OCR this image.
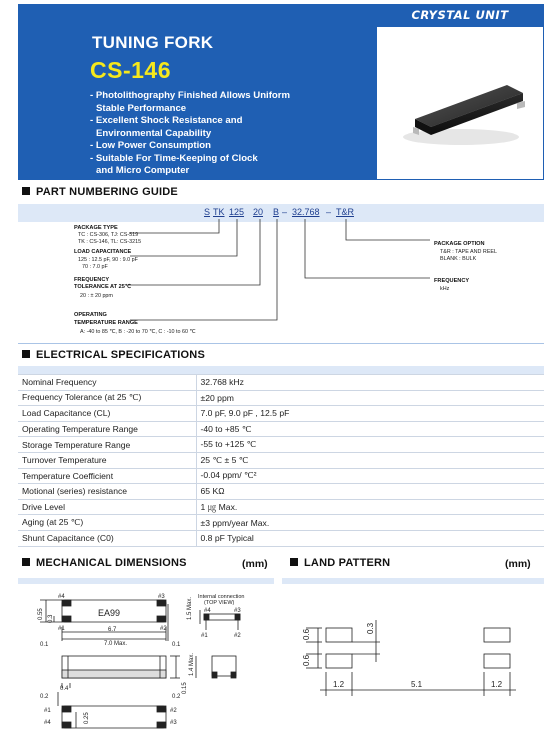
CRYSTAL UNIT
TUNING FORK
CS-146
- Photolithography Finished Allows Uniform
Stable Performance
- Excellent Shock Resistance and
Environmental Capability
- Low Power Consumption
- Suitable For Time-Keeping of Clock
and Micro Computer
PART NUMBERING GUIDE
S TK 125 20 B – 32.768 – T&R
PACKAGE TYPE
TC : CS-306, TJ: CS-519
TK : CS-146, TL: CS-3215
LOAD CAPACITANCE
125 : 12.5 pF, 90 : 9.0 pF
70 : 7.0 pF
FREQUENCY
TOLERANCE AT 25℃
20 : ± 20 ppm
OPERATING
TEMPERATURE RANGE
A: -40 to 85 ℃, B : -20 to 70 ℃, C : -10 to 60 ℃
PACKAGE OPTION
T&R : TAPE AND REEL
BLANK : BULK
FREQUENCY
kHz
ELECTRICAL SPECIFICATIONS
Nominal Frequency	32.768 kHz
Frequency Tolerance (at 25 ℃)	±20 ppm
Load Capacitance (CL)	7.0 pF, 9.0 pF , 12.5 pF
Operating Temperature Range	-40 to +85 ℃
Storage Temperature Range	-55 to +125 ℃
Turnover Temperature	25 ℃ ± 5 ℃
Temperature Coefficient	-0.04 ppm/ ℃²
Motional (series) resistance	65 KΩ
Drive Level	1 ㎍ Max.
Aging (at 25 ℃)	±3 ppm/year Max.
Shunt Capacitance (C0)	0.8 pF Typical
MECHANICAL DIMENSIONS	(mm)
#4	#3
#1	#2
EA99
6.7
7.0 Max.
0.1	0.1
0.55 0.3	1.5 Max. Internal connection
(TOP VIEW)
#4	#3
#1	#2
1.4 Max.
0.4	0.15
0.2	0.2
#1
#4
#2
#3
0.25
LAND PATTERN	(mm)
0.6
0.6
0.3
1.2	5.1	1.2
